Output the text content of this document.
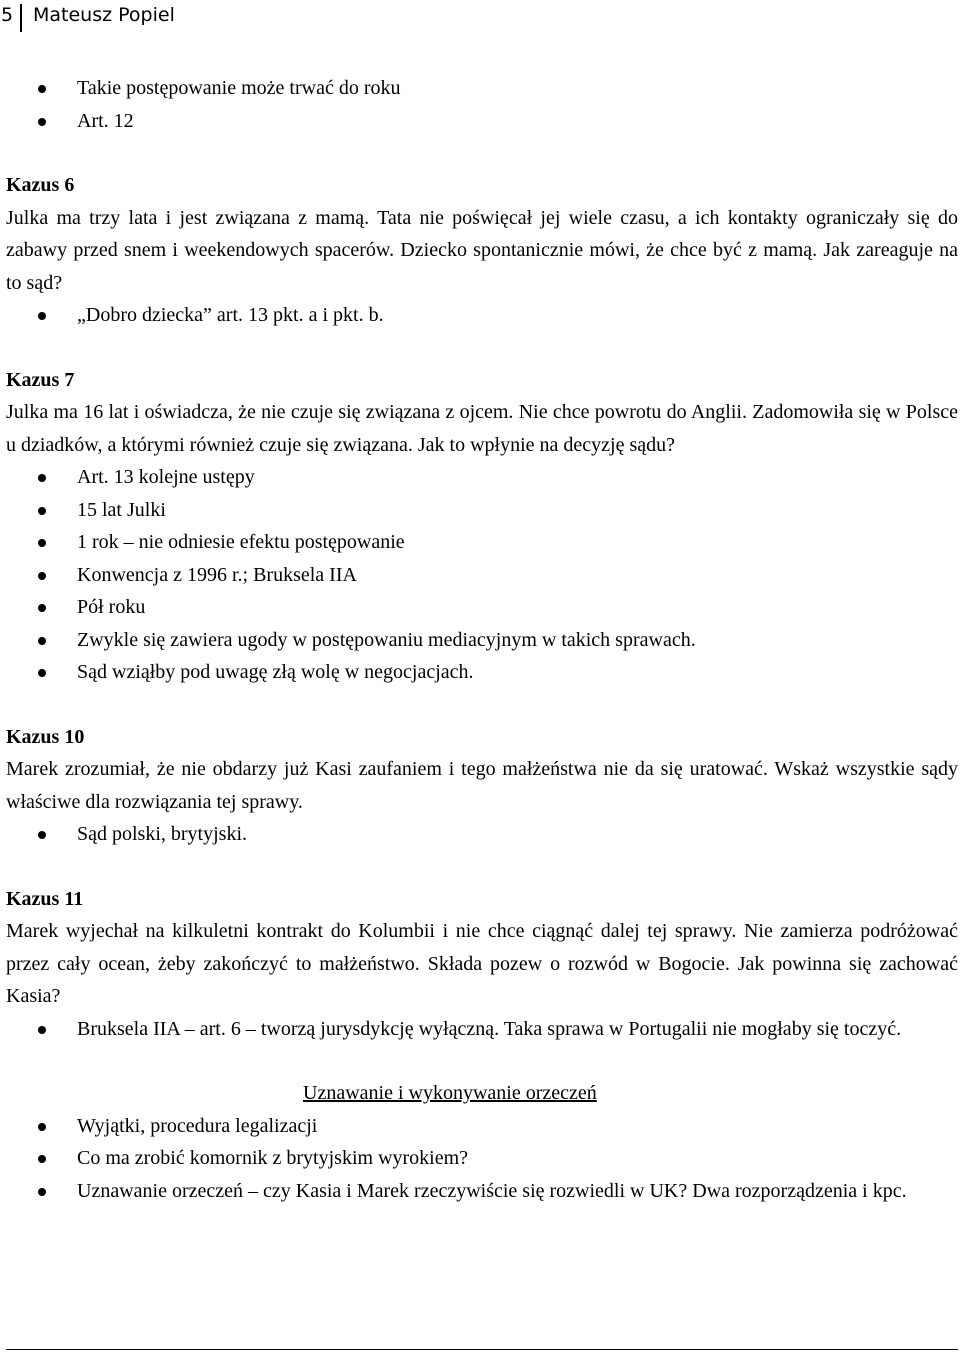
5 Mateusz Popiel
Takie postępowanie może trwać do roku
Art. 12

Kazus 6

Julka ma trzy lata i jest związana z mamą. Tata nie poświęcał jej wiele czasu, a ich kontakty ograniczały się do zabawy przed snem i weekendowych spacerów. Dziecko spontanicznie mówi, że chce być z mamą. Jak zareaguje na to sąd?

„Dobro dziecka” art. 13 pkt. a i pkt. b.

Kazus 7

Julka ma 16 lat i oświadcza, że nie czuje się związana z ojcem. Nie chce powrotu do Anglii. Zadomowiła się w Polsce u dziadków, a którymi również czuje się związana. Jak to wpłynie na decyzję sądu?

Art. 13 kolejne ustępy
15 lat Julki
1 rok – nie odniesie efektu postępowanie
Konwencja z 1996 r.; Bruksela IIA
Pół roku
Zwykle się zawiera ugody w postępowaniu mediacyjnym w takich sprawach.
Sąd wziąłby pod uwagę złą wolę w negocjacjach.

Kazus 10

Marek zrozumiał, że nie obdarzy już Kasi zaufaniem i tego małżeństwa nie da się uratować. Wskaż wszystkie sądy właściwe dla rozwiązania tej sprawy.

Sąd polski, brytyjski.

Kazus 11

Marek wyjechał na kilkuletni kontrakt do Kolumbii i nie chce ciągnąć dalej tej sprawy. Nie zamierza podróżować przez cały ocean, żeby zakończyć to małżeństwo. Składa pozew o rozwód w Bogocie. Jak powinna się zachować Kasia?

Bruksela IIA – art. 6 – tworzą jurysdykcję wyłączną. Taka sprawa w Portugalii nie mogłaby się toczyć.

Uznawanie i wykonywanie orzeczeń

Wyjątki, procedura legalizacji
Co ma zrobić komornik z brytyjskim wyrokiem?
Uznawanie orzeczeń – czy Kasia i Marek rzeczywiście się rozwiedli w UK? Dwa rozporządzenia i kpc.
